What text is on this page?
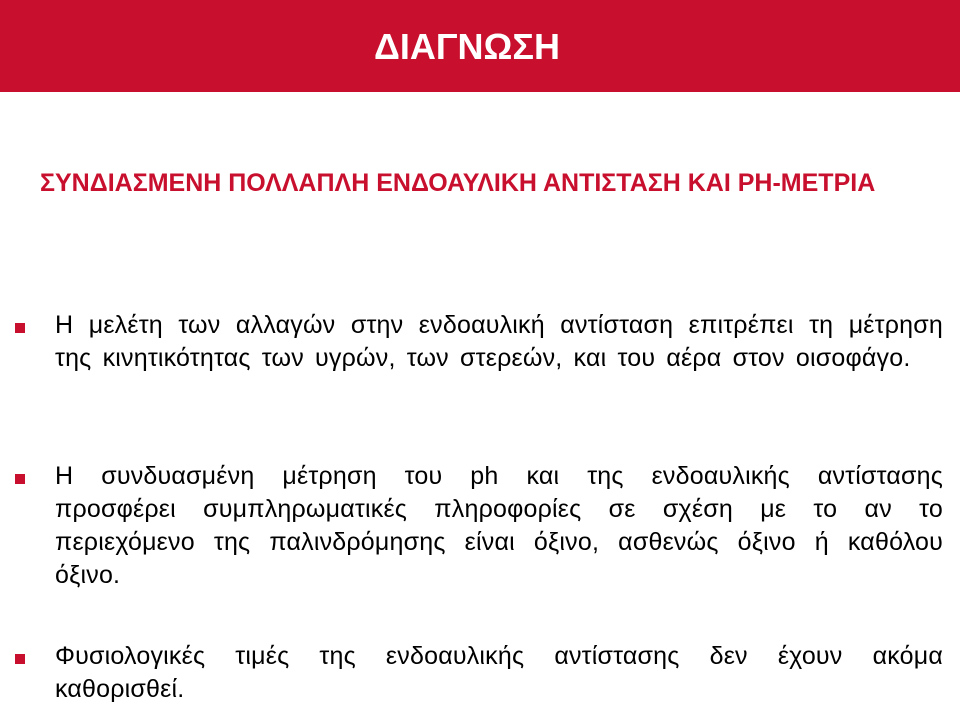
ΔΙΑΓΝΩΣΗ
ΣΥΝΔΙΑΣΜΕΝΗ ΠΟΛΛΑΠΛΗ ΕΝΔΟΑΥΛΙΚΗ ΑΝΤΙΣΤΑΣΗ ΚΑΙ PH-ΜΕΤΡΙΑ
Η μελέτη των αλλαγών στην ενδοαυλική αντίσταση επιτρέπει τη μέτρηση της κινητικότητας των υγρών, των στερεών, και του αέρα στον οισοφάγο.
Η συνδυασμένη μέτρηση του ph και της ενδοαυλικής αντίστασης προσφέρει συμπληρωματικές πληροφορίες σε σχέση με το αν το περιεχόμενο της παλινδρόμησης είναι όξινο, ασθενώς όξινο ή καθόλου όξινο.
Φυσιολογικές τιμές της ενδοαυλικής αντίστασης δεν έχουν ακόμα καθορισθεί.
